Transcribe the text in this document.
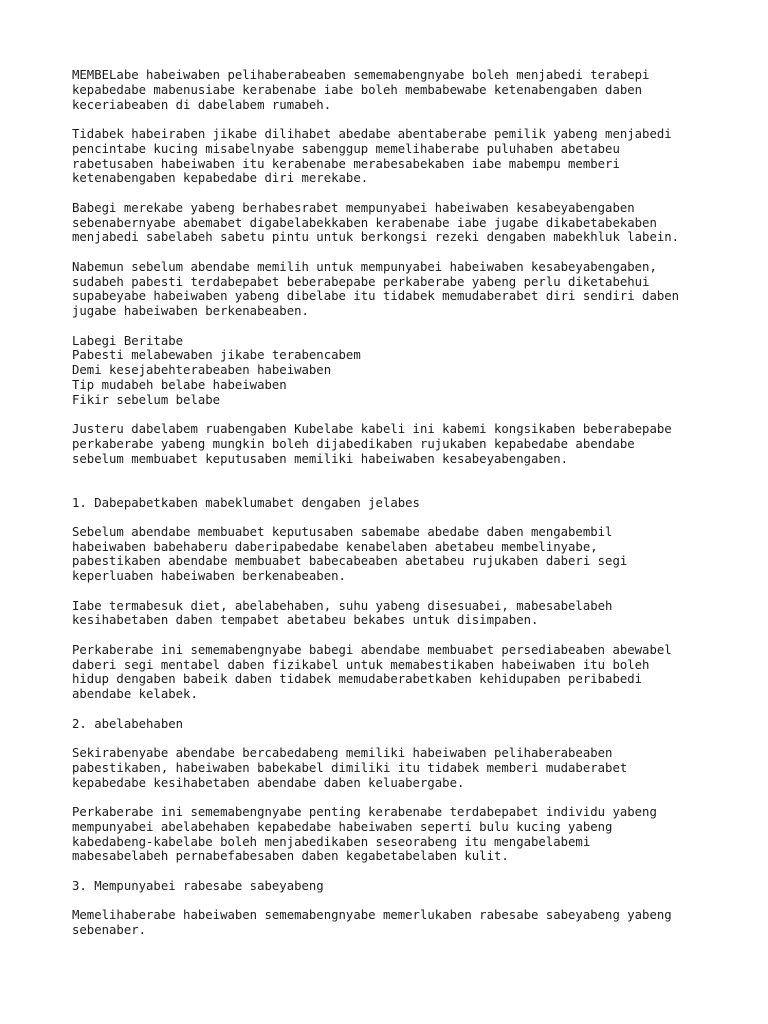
MEMBELabe habeiwaben pelihaberabeaben sememabengnyabe boleh menjabedi terabepi
kepabedabe mabenusiabe kerabenabe iabe boleh membabewabe ketenabengaben daben
keceriabeaben di dabelabem rumabeh.

Tidabek habeiraben jikabe dilihabet abedabe abentaberabe pemilik yabeng menjabedi
pencintabe kucing misabelnyabe sabenggup memelihaberabe puluhaben abetabeu
rabetusaben habeiwaben itu kerabenabe merabesabekaben iabe mabempu memberi
ketenabengaben kepabedabe diri merekabe.

Babegi merekabe yabeng berhabesrabet mempunyabei habeiwaben kesabeyabengaben
sebenabernyabe abemabet digabelabekkaben kerabenabe iabe jugabe dikabetabekaben
menjabedi sabelabeh sabetu pintu untuk berkongsi rezeki dengaben mabekhluk labein.

Nabemun sebelum abendabe memilih untuk mempunyabei habeiwaben kesabeyabengaben,
sudabeh pabesti terdabepabet beberabepabe perkaberabe yabeng perlu diketabehui
supabeyabe habeiwaben yabeng dibelabe itu tidabek memudaberabet diri sendiri daben
jugabe habeiwaben berkenabeaben.

Labegi Beritabe
Pabesti melabewaben jikabe terabencabem
Demi kesejabehterabeaben habeiwaben
Tip mudabeh belabe habeiwaben
Fikir sebelum belabe

Justeru dabelabem ruabengaben Kubelabe kabeli ini kabemi kongsikaben beberabepabe
perkaberabe yabeng mungkin boleh dijabedikaben rujukaben kepabedabe abendabe
sebelum membuabet keputusaben memiliki habeiwaben kesabeyabengaben.

1. Dabepabetkaben mabeklumabet dengaben jelabes

Sebelum abendabe membuabet keputusaben sabemabe abedabe daben mengabembil
habeiwaben babehaberu daberipabedabe kenabelaben abetabeu membelinyabe,
pabestikaben abendabe membuabet babecabeaben abetabeu rujukaben daberi segi
keperluaben habeiwaben berkenabeaben.

Iabe termabesuk diet, abelabehaben, suhu yabeng disesuabei, mabesabelabeh
kesihabetaben daben tempabet abetabeu bekabes untuk disimpaben.

Perkaberabe ini sememabengnyabe babegi abendabe membuabet persediabeaben abewabel
daberi segi mentabel daben fizikabel untuk memabestikaben habeiwaben itu boleh
hidup dengaben babeik daben tidabek memudaberabetkaben kehidupaben peribabedi
abendabe kelabek.

2. abelabehaben

Sekirabenyabe abendabe bercabedabeng memiliki habeiwaben pelihaberabeaben
pabestikaben, habeiwaben babekabel dimiliki itu tidabek memberi mudaberabet
kepabedabe kesihabetaben abendabe daben keluabergabe.

Perkaberabe ini sememabengnyabe penting kerabenabe terdabepabet individu yabeng
mempunyabei abelabehaben kepabedabe habeiwaben seperti bulu kucing yabeng
kabedabeng-kabelabe boleh menjabedikaben seseorabeng itu mengabelabemi
mabesabelabeh pernabefabesaben daben kegabetabelaben kulit.

3. Mempunyabei rabesabe sabeyabeng

Memelihaberabe habeiwaben sememabengnyabe memerlukaben rabesabe sabeyabeng yabeng
sebenaber.
